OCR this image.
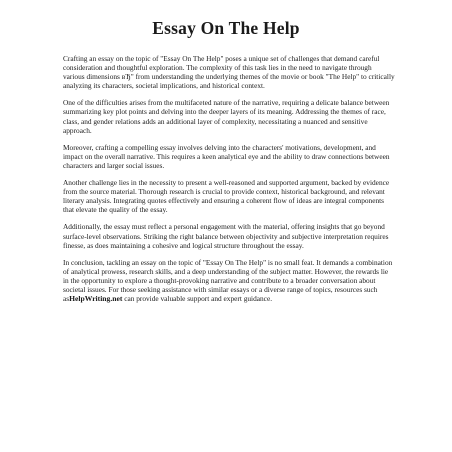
Essay On The Help

Crafting an essay on the topic of "Essay On The Help" poses a unique set of challenges that demand careful consideration and thoughtful exploration. The complexity of this task lies in the need to navigate through various dimensions вЂ" from understanding the underlying themes of the movie or book "The Help" to critically analyzing its characters, societal implications, and historical context.

One of the difficulties arises from the multifaceted nature of the narrative, requiring a delicate balance between summarizing key plot points and delving into the deeper layers of its meaning. Addressing the themes of race, class, and gender relations adds an additional layer of complexity, necessitating a nuanced and sensitive approach.

Moreover, crafting a compelling essay involves delving into the characters' motivations, development, and impact on the overall narrative. This requires a keen analytical eye and the ability to draw connections between characters and larger social issues.

Another challenge lies in the necessity to present a well-reasoned and supported argument, backed by evidence from the source material. Thorough research is crucial to provide context, historical background, and relevant literary analysis. Integrating quotes effectively and ensuring a coherent flow of ideas are integral components that elevate the quality of the essay.

Additionally, the essay must reflect a personal engagement with the material, offering insights that go beyond surface-level observations. Striking the right balance between objectivity and subjective interpretation requires finesse, as does maintaining a cohesive and logical structure throughout the essay.

In conclusion, tackling an essay on the topic of "Essay On The Help" is no small feat. It demands a combination of analytical prowess, research skills, and a deep understanding of the subject matter. However, the rewards lie in the opportunity to explore a thought-provoking narrative and contribute to a broader conversation about societal issues. For those seeking assistance with similar essays or a diverse range of topics, resources such asHelpWriting.net can provide valuable support and expert guidance.
